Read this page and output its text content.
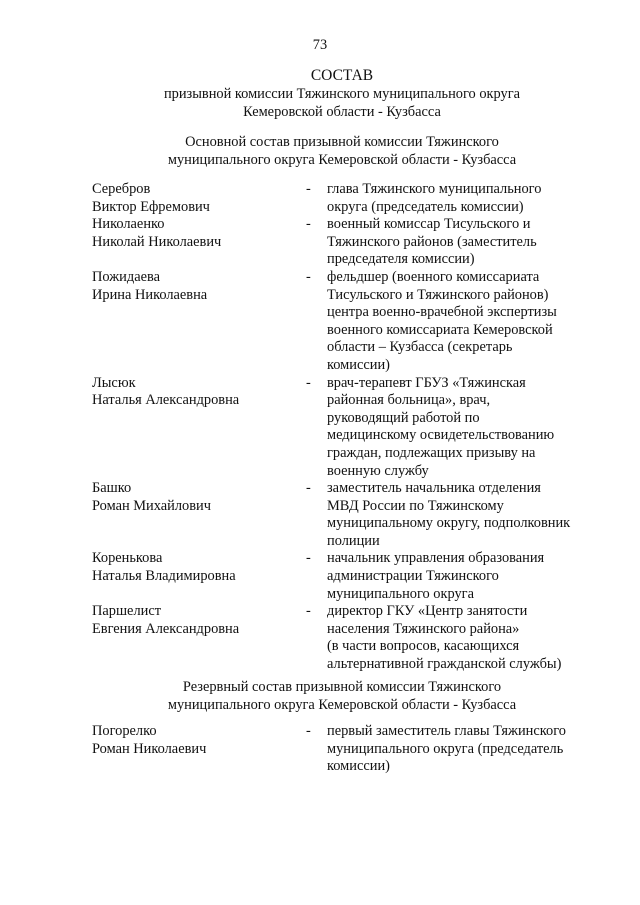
73
СОСТАВ
призывной комиссии Тяжинского муниципального округа
Кемеровской области - Кузбасса
Основной состав призывной комиссии Тяжинского
муниципального округа Кемеровской области - Кузбасса
Серебров
Виктор Ефремович
- глава Тяжинского муниципального
округа (председатель комиссии)
Николаенко
Николай Николаевич
- военный комиссар Тисульского и
Тяжинского районов (заместитель
председателя комиссии)
Пожидаева
Ирина Николаевна
- фельдшер (военного комиссариата
Тисульского и Тяжинского районов)
центра военно-врачебной экспертизы
военного комиссариата Кемеровской
области – Кузбасса (секретарь
комиссии)
Лысюк
Наталья Александровна
- врач-терапевт ГБУЗ «Тяжинская
районная больница», врач,
руководящий работой по
медицинскому освидетельствованию
граждан, подлежащих призыву на
военную службу
Башко
Роман Михайлович
- заместитель начальника отделения
МВД России по Тяжинскому
муниципальному округу, подполковник
полиции
Коренькова
Наталья Владимировна
- начальник управления образования
администрации Тяжинского
муниципального округа
Паршелист
Евгения Александровна
- директор ГКУ «Центр занятости
населения Тяжинского района»
(в части вопросов, касающихся
альтернативной гражданской службы)
Резервный состав призывной комиссии Тяжинского
муниципального округа Кемеровской области - Кузбасса
Погорелко
Роман Николаевич
- первый заместитель главы Тяжинского
муниципального округа (председатель
комиссии)
